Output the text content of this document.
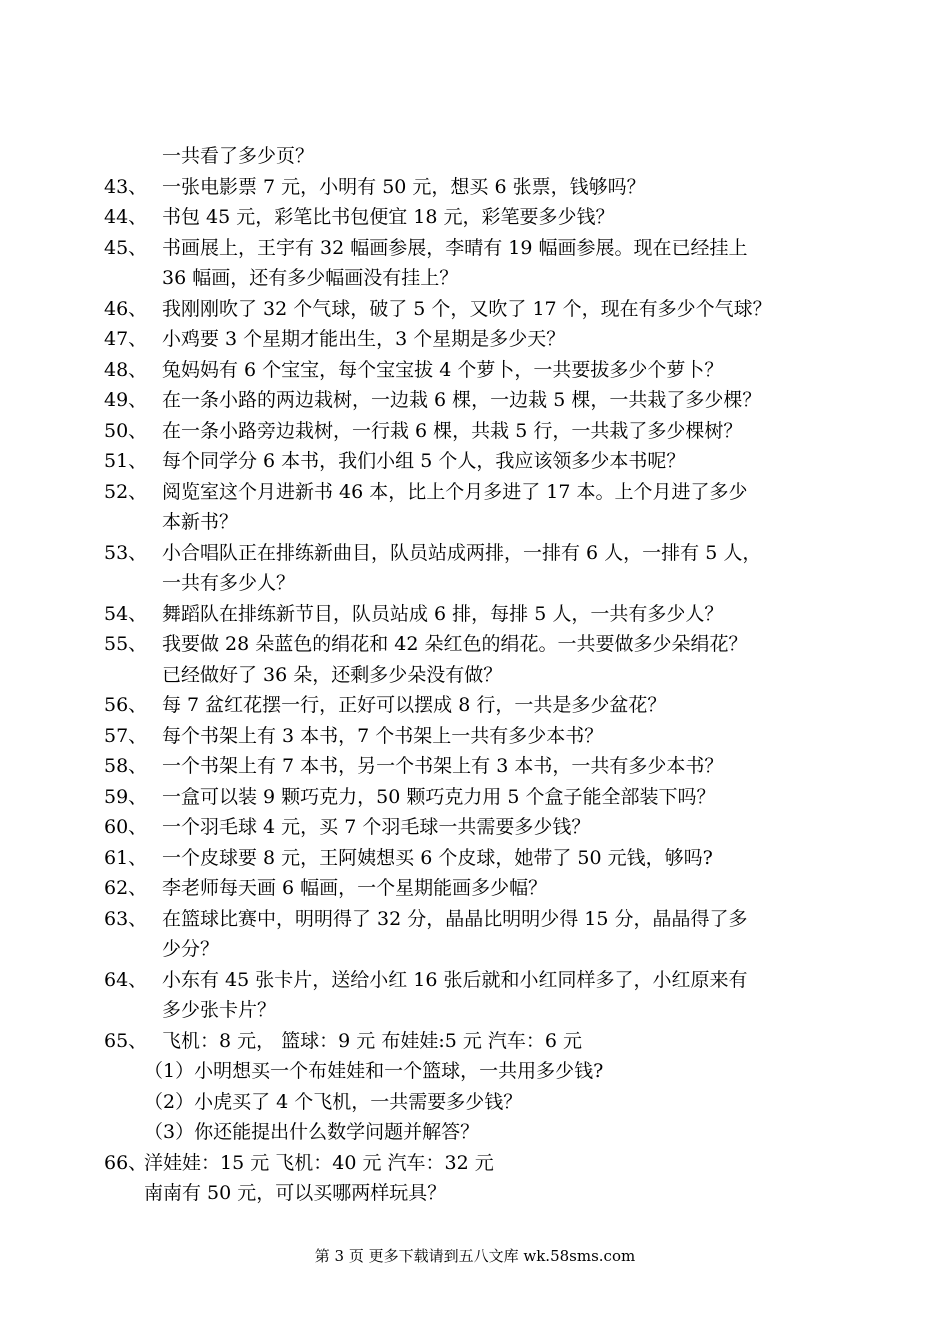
一共看了多少页？
43、 一张电影票 7 元，小明有 50 元，想买 6 张票，钱够吗？
44、 书包 45 元，彩笔比书包便宜 18 元，彩笔要多少钱？
45、 书画展上，王宇有 32 幅画参展，李晴有 19 幅画参展。现在已经挂上
36 幅画，还有多少幅画没有挂上？
46、 我刚刚吹了 32 个气球，破了 5 个，又吹了 17 个，现在有多少个气球？
47、 小鸡要 3 个星期才能出生，3 个星期是多少天？
48、 兔妈妈有 6 个宝宝，每个宝宝拔 4 个萝卜，一共要拔多少个萝卜？
49、 在一条小路的两边栽树，一边栽 6 棵，一边栽 5 棵，一共栽了多少棵？
50、 在一条小路旁边栽树，一行栽 6 棵，共栽 5 行，一共栽了多少棵树？
51、 每个同学分 6 本书，我们小组 5 个人，我应该领多少本书呢？
52、 阅览室这个月进新书 46 本，比上个月多进了 17 本。上个月进了多少
本新书？
53、 小合唱队正在排练新曲目，队员站成两排，一排有 6 人，一排有 5 人，
一共有多少人？
54、 舞蹈队在排练新节目，队员站成 6 排，每排 5 人，一共有多少人？
55、 我要做 28 朵蓝色的绢花和 42 朵红色的绢花。一共要做多少朵绢花？
已经做好了 36 朵，还剩多少朵没有做？
56、 每 7 盆红花摆一行，正好可以摆成 8 行，一共是多少盆花？
57、 每个书架上有 3 本书，7 个书架上一共有多少本书？
58、 一个书架上有 7 本书，另一个书架上有 3 本书，一共有多少本书？
59、 一盒可以装 9 颗巧克力，50 颗巧克力用 5 个盒子能全部装下吗？
60、 一个羽毛球 4 元，买 7 个羽毛球一共需要多少钱？
61、 一个皮球要 8 元，王阿姨想买 6 个皮球，她带了 50 元钱，够吗?
62、 李老师每天画 6 幅画，一个星期能画多少幅？
63、 在篮球比赛中，明明得了 32 分，晶晶比明明少得 15 分，晶晶得了多
少分？
64、 小东有 45 张卡片，送给小红 16 张后就和小红同样多了，小红原来有
多少张卡片？
65、 飞机：8 元， 篮球：9 元 布娃娃:5 元 汽车：6 元
（1）小明想买一个布娃娃和一个篮球，一共用多少钱?
（2）小虎买了 4 个飞机，一共需要多少钱？
（3）你还能提出什么数学问题并解答？
66、
洋娃娃：15 元 飞机：40 元 汽车：32 元
南南有 50 元，可以买哪两样玩具？
第 3 页 更多下载请到五八文库 wk.58sms.com
